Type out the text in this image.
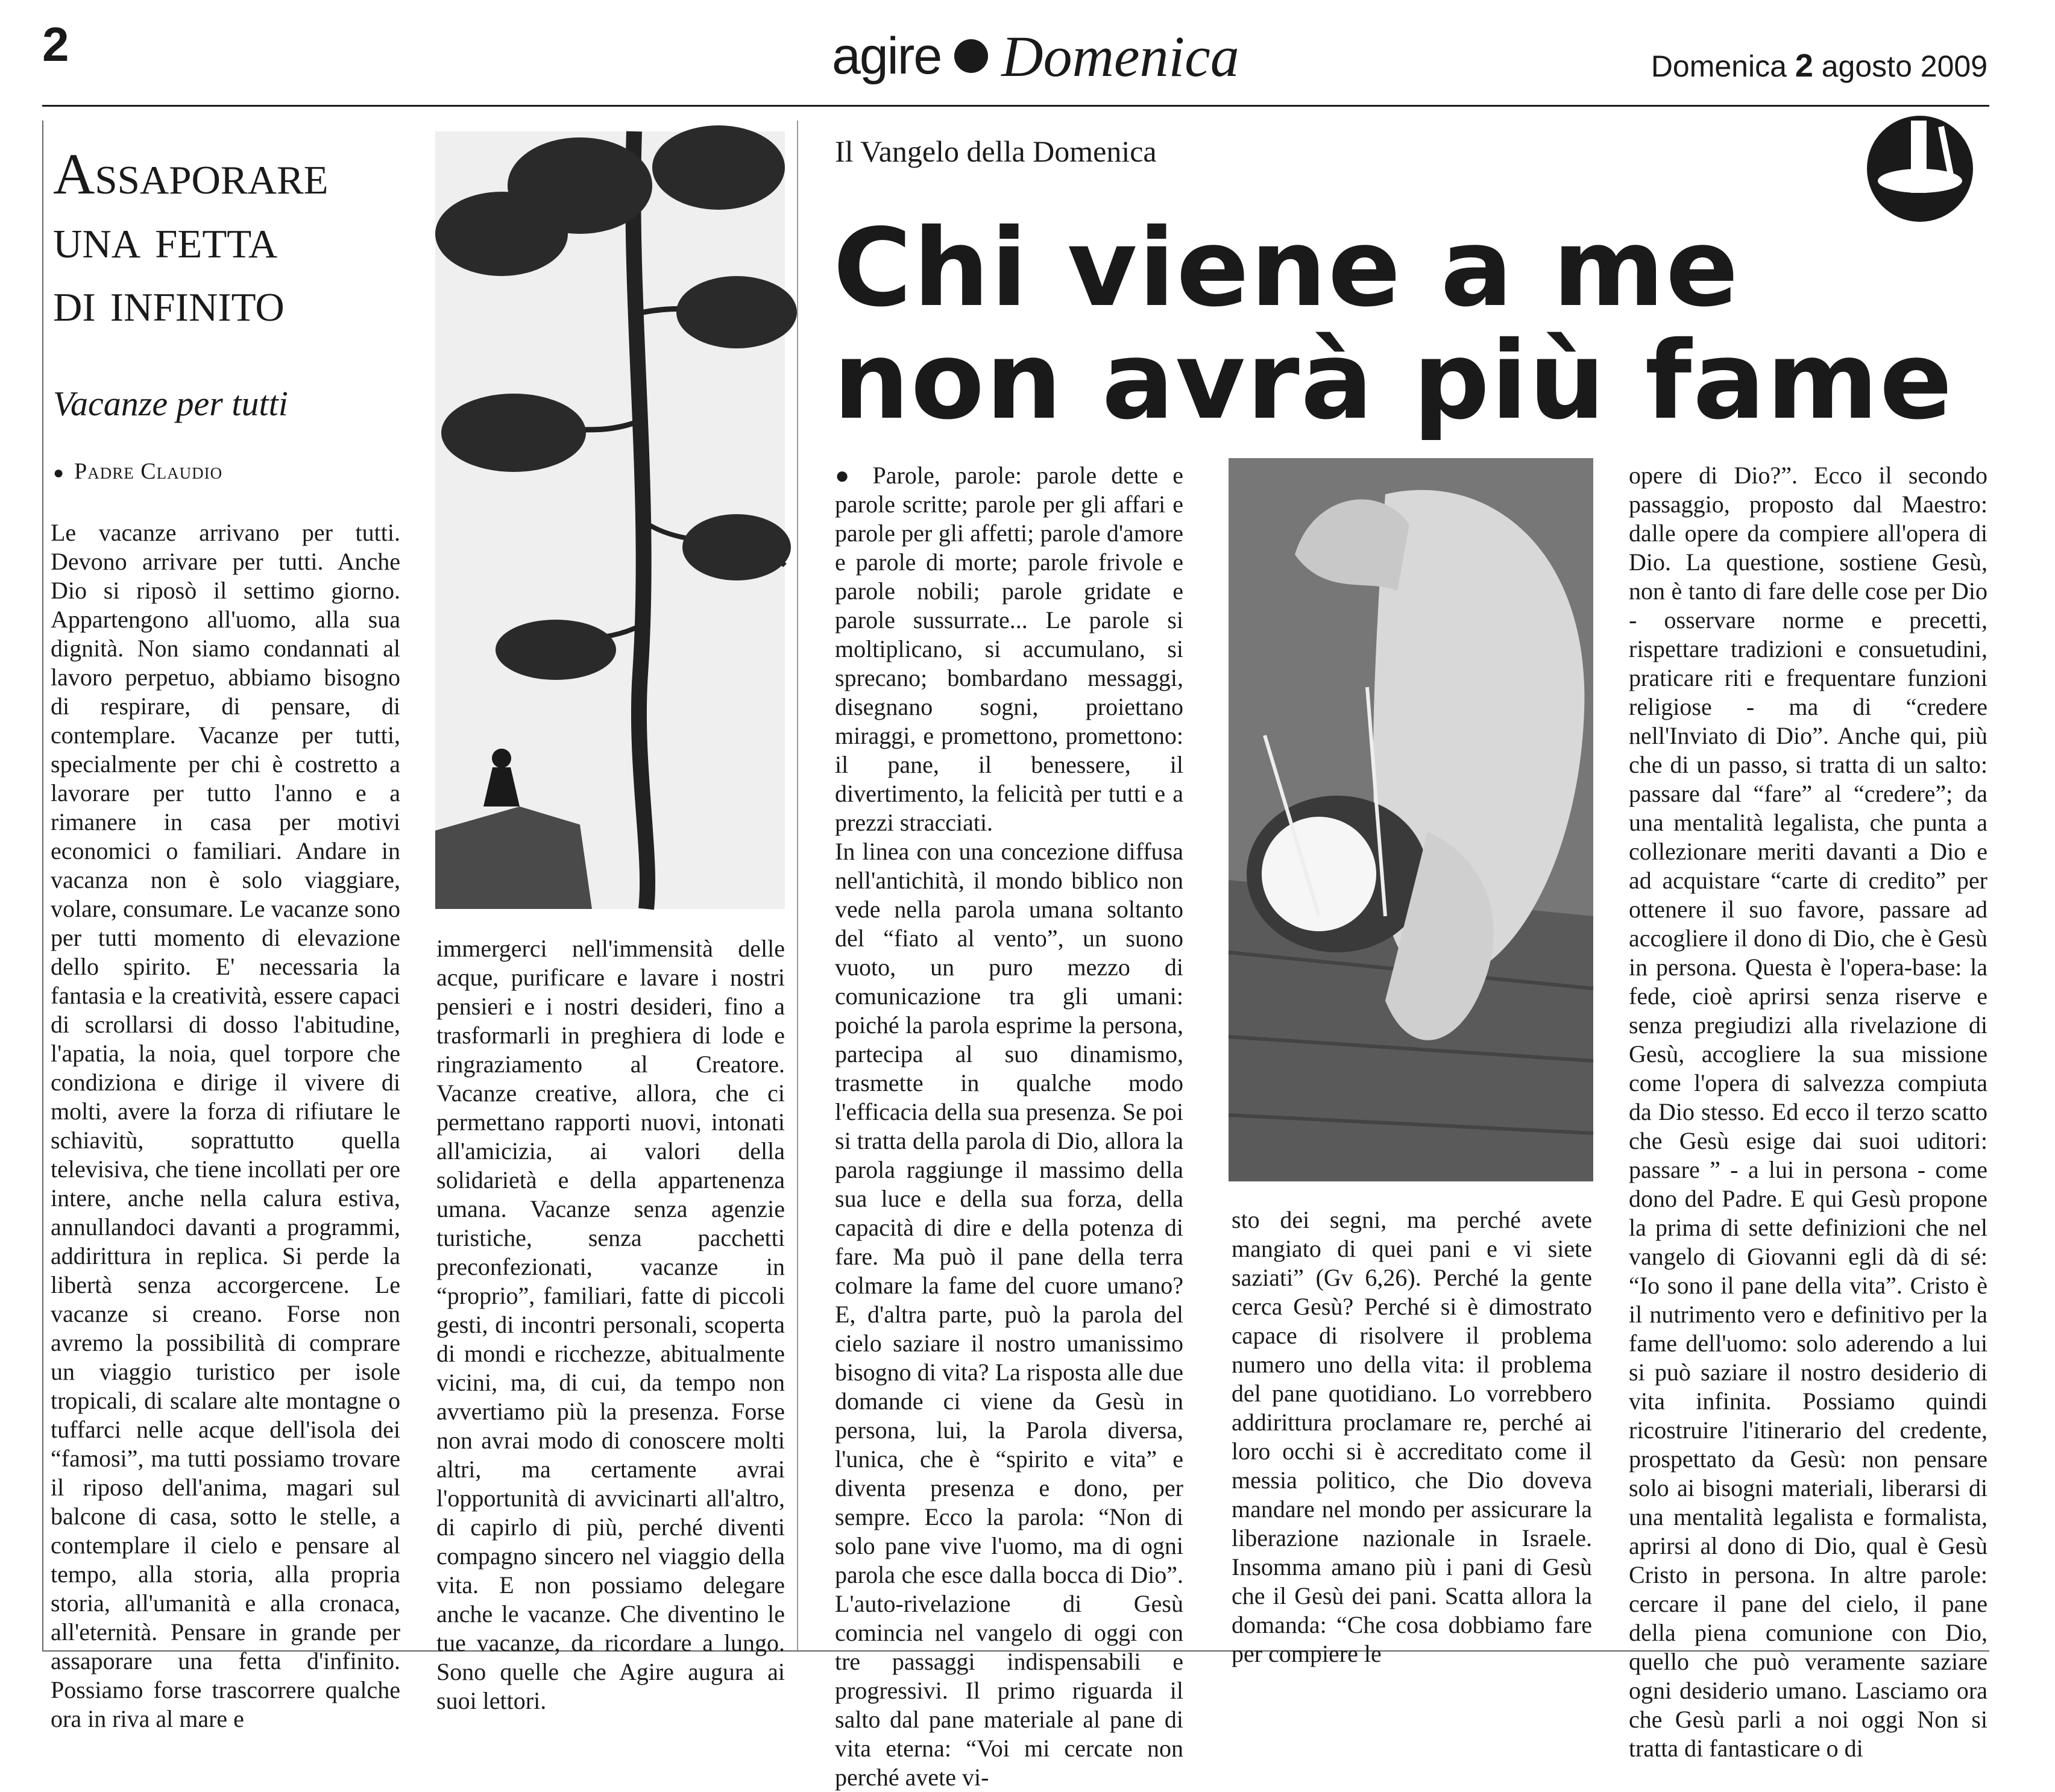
2	agire Domenica	Domenica 2 agosto 2009
Assaporare
una fetta
di infinito
Vacanze per tutti
● Padre Claudio

Le vacanze arrivano per tutti. Devono arrivare per tutti. Anche Dio si riposò il settimo giorno. Appartengono all'uomo, alla sua dignità. Non siamo condannati al lavoro perpetuo, abbiamo bisogno di respirare, di pensare, di contemplare. Vacanze per tutti, specialmente per chi è costretto a lavorare per tutto l'anno e a rimanere in casa per motivi economici o familiari. Andare in vacanza non è solo viaggiare, volare, consumare. Le vacanze sono per tutti momento di elevazione dello spirito. E' necessaria la fantasia e la creatività, essere capaci di scrollarsi di dosso l'abitudine, l'apatia, la noia, quel torpore che condiziona e dirige il vivere di molti, avere la forza di rifiutare le schiavitù, soprattutto quella televisiva, che tiene incollati per ore intere, anche nella calura estiva, annullandoci davanti a programmi, addirittura in replica. Si perde la libertà senza accorgercene. Le vacanze si creano. Forse non avremo la possibilità di comprare un viaggio turistico per isole tropicali, di scalare alte montagne o tuffarci nelle acque dell'isola dei “famosi”, ma tutti possiamo trovare il riposo dell'anima, magari sul balcone di casa, sotto le stelle, a contemplare il cielo e pensare al tempo, alla storia, alla propria storia, all'umanità e alla cronaca, all'eternità. Pensare in grande per assaporare una fetta d'infinito. Possiamo forse trascorrere qualche ora in riva al mare e

immergerci nell'immensità delle acque, purificare e lavare i nostri pensieri e i nostri desideri, fino a trasformarli in preghiera di lode e ringraziamento al Creatore. Vacanze creative, allora, che ci permettano rapporti nuovi, intonati all'amicizia, ai valori della solidarietà e della appartenenza umana. Vacanze senza agenzie turistiche, senza pacchetti preconfezionati, vacanze in “proprio”, familiari, fatte di piccoli gesti, di incontri personali, scoperta di mondi e ricchezze, abitualmente vicini, ma, di cui, da tempo non avvertiamo più la presenza. Forse non avrai modo di conoscere molti altri, ma certamente avrai l'opportunità di avvicinarti all'altro, di capirlo di più, perché diventi compagno sincero nel viaggio della vita. E non possiamo delegare anche le vacanze. Che diventino le tue vacanze, da ricordare a lungo. Sono quelle che Agire augura ai suoi lettori.

Il Vangelo della Domenica
Chi viene a me
non avrà più fame

● Parole, parole: parole dette e parole scritte; parole per gli affari e parole per gli affetti; parole d'amore e parole di morte; parole frivole e parole nobili; parole gridate e parole sussurrate... Le parole si moltiplicano, si accumulano, si sprecano; bombardano messaggi, disegnano sogni, proiettano miraggi, e promettono, promettono: il pane, il benessere, il divertimento, la felicità per tutti e a prezzi stracciati.

In linea con una concezione diffusa nell'antichità, il mondo biblico non vede nella parola umana soltanto del “fiato al vento”, un suono vuoto, un puro mezzo di comunicazione tra gli umani: poiché la parola esprime la persona, partecipa al suo dinamismo, trasmette in qualche modo l'efficacia della sua presenza. Se poi si tratta della parola di Dio, allora la parola raggiunge il massimo della sua luce e della sua forza, della capacità di dire e della potenza di fare. Ma può il pane della terra colmare la fame del cuore umano? E, d'altra parte, può la parola del cielo saziare il nostro umanissimo bisogno di vita? La risposta alle due domande ci viene da Gesù in persona, lui, la Parola diversa, l'unica, che è “spirito e vita” e diventa presenza e dono, per sempre. Ecco la parola: “Non di solo pane vive l'uomo, ma di ogni parola che esce dalla bocca di Dio”. L'auto-rivelazione di Gesù comincia nel vangelo di oggi con tre passaggi indispensabili e progressivi. Il primo riguarda il salto dal pane materiale al pane di vita eterna: “Voi mi cercate non perché avete vi-

sto dei segni, ma perché avete mangiato di quei pani e vi siete saziati” (Gv 6,26). Perché la gente cerca Gesù? Perché si è dimostrato capace di risolvere il problema numero uno della vita: il problema del pane quotidiano. Lo vorrebbero addirittura proclamare re, perché ai loro occhi si è accreditato come il messia politico, che Dio doveva mandare nel mondo per assicurare la liberazione nazionale in Israele. Insomma amano più i pani di Gesù che il Gesù dei pani. Scatta allora la domanda: “Che cosa dobbiamo fare per compiere le

opere di Dio?”. Ecco il secondo passaggio, proposto dal Maestro: dalle opere da compiere all'opera di Dio. La questione, sostiene Gesù, non è tanto di fare delle cose per Dio - osservare norme e precetti, rispettare tradizioni e consuetudini, praticare riti e frequentare funzioni religiose - ma di “credere nell'Inviato di Dio”. Anche qui, più che di un passo, si tratta di un salto: passare dal “fare” al “credere”; da una mentalità legalista, che punta a collezionare meriti davanti a Dio e ad acquistare “carte di credito” per ottenere il suo favore, passare ad accogliere il dono di Dio, che è Gesù in persona. Questa è l'opera-base: la fede, cioè aprirsi senza riserve e senza pregiudizi alla rivelazione di Gesù, accogliere la sua missione come l'opera di salvezza compiuta da Dio stesso. Ed ecco il terzo scatto che Gesù esige dai suoi uditori: passare ” - a lui in persona - come dono del Padre. E qui Gesù propone la prima di sette definizioni che nel vangelo di Giovanni egli dà di sé: “Io sono il pane della vita”. Cristo è il nutrimento vero e definitivo per la fame dell'uomo: solo aderendo a lui si può saziare il nostro desiderio di vita infinita. Possiamo quindi ricostruire l'itinerario del credente, prospettato da Gesù: non pensare solo ai bisogni materiali, liberarsi di una mentalità legalista e formalista, aprirsi al dono di Dio, qual è Gesù Cristo in persona. In altre parole: cercare il pane del cielo, il pane della piena comunione con Dio, quello che può veramente saziare ogni desiderio umano. Lasciamo ora che Gesù parli a noi oggi Non si tratta di fantasticare o di
